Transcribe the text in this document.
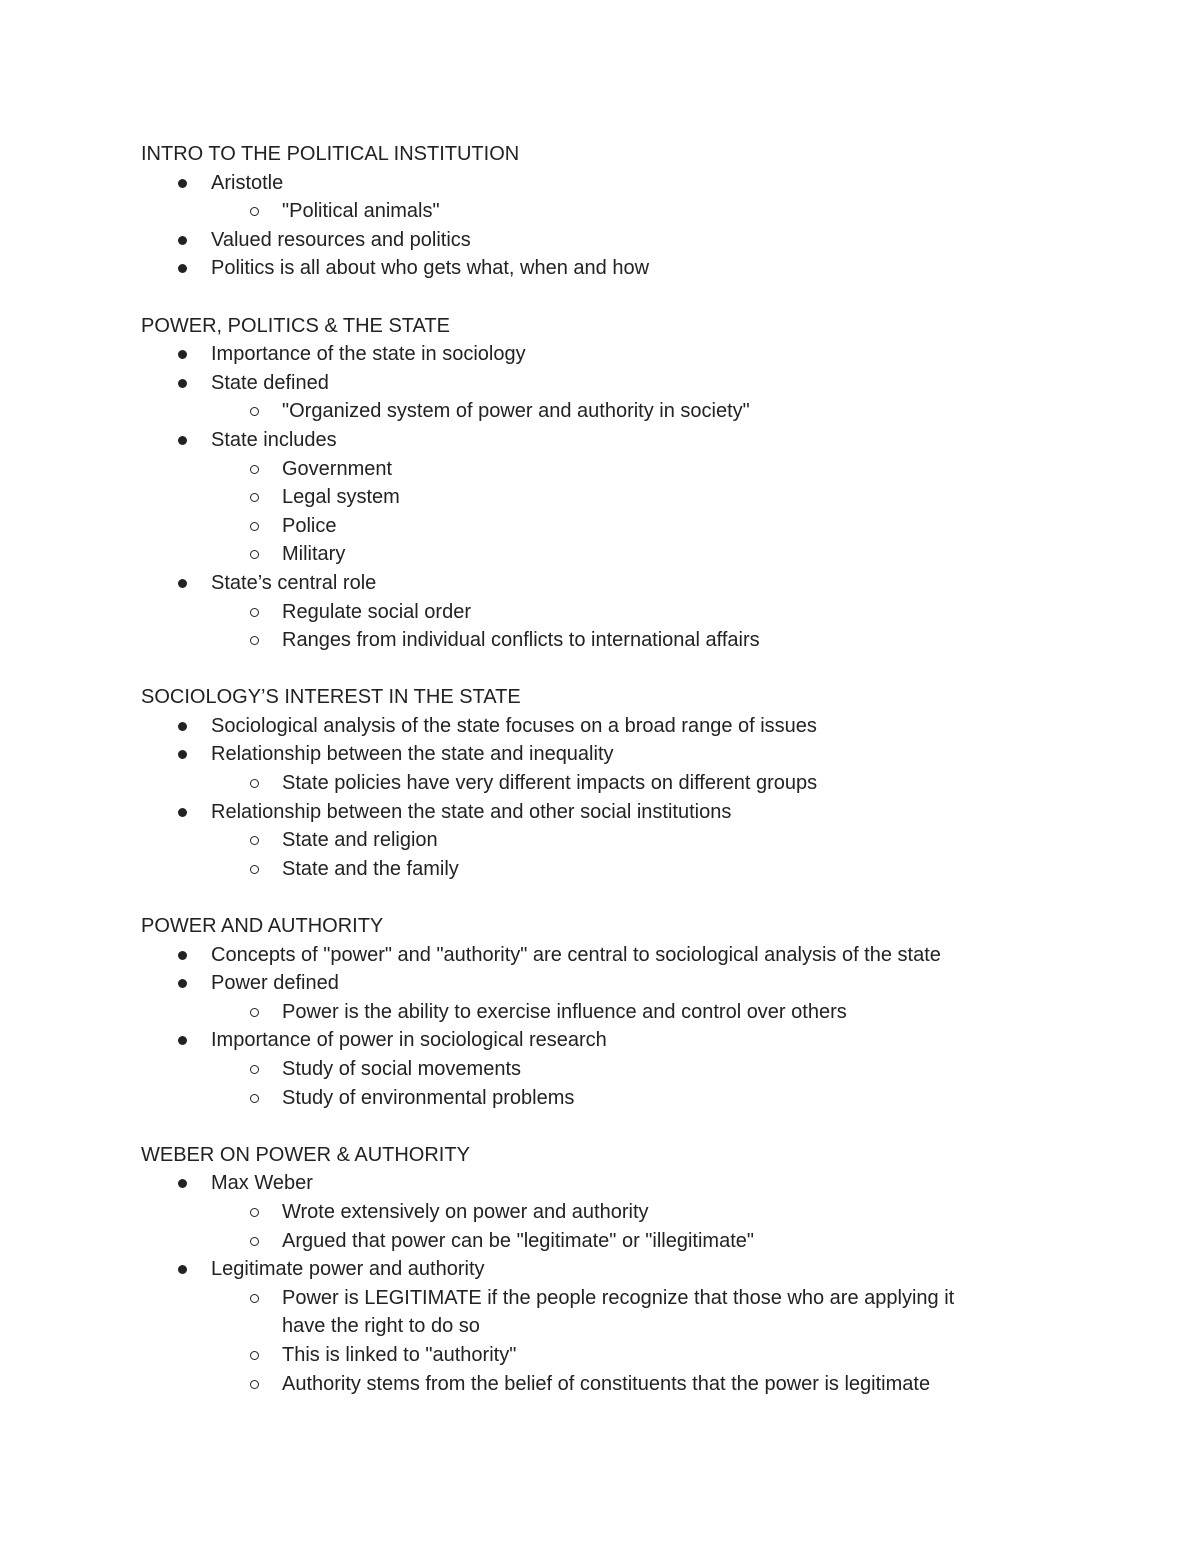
INTRO TO THE POLITICAL INSTITUTION
Aristotle
"Political animals"
Valued resources and politics
Politics is all about who gets what, when and how
POWER, POLITICS & THE STATE
Importance of the state in sociology
State defined
"Organized system of power and authority in society"
State includes
Government
Legal system
Police
Military
State’s central role
Regulate social order
Ranges from individual conflicts to international affairs
SOCIOLOGY’S INTEREST IN THE STATE
Sociological analysis of the state focuses on a broad range of issues
Relationship between the state and inequality
State policies have very different impacts on different groups
Relationship between the state and other social institutions
State and religion
State and the family
POWER AND AUTHORITY
Concepts of "power" and "authority" are central to sociological analysis of the state
Power defined
Power is the ability to exercise influence and control over others
Importance of power in sociological research
Study of social movements
Study of environmental problems
WEBER ON POWER & AUTHORITY
Max Weber
Wrote extensively on power and authority
Argued that power can be "legitimate" or "illegitimate"
Legitimate power and authority
Power is LEGITIMATE if the people recognize that those who are applying it
have the right to do so
This is linked to "authority"
Authority stems from the belief of constituents that the power is legitimate
